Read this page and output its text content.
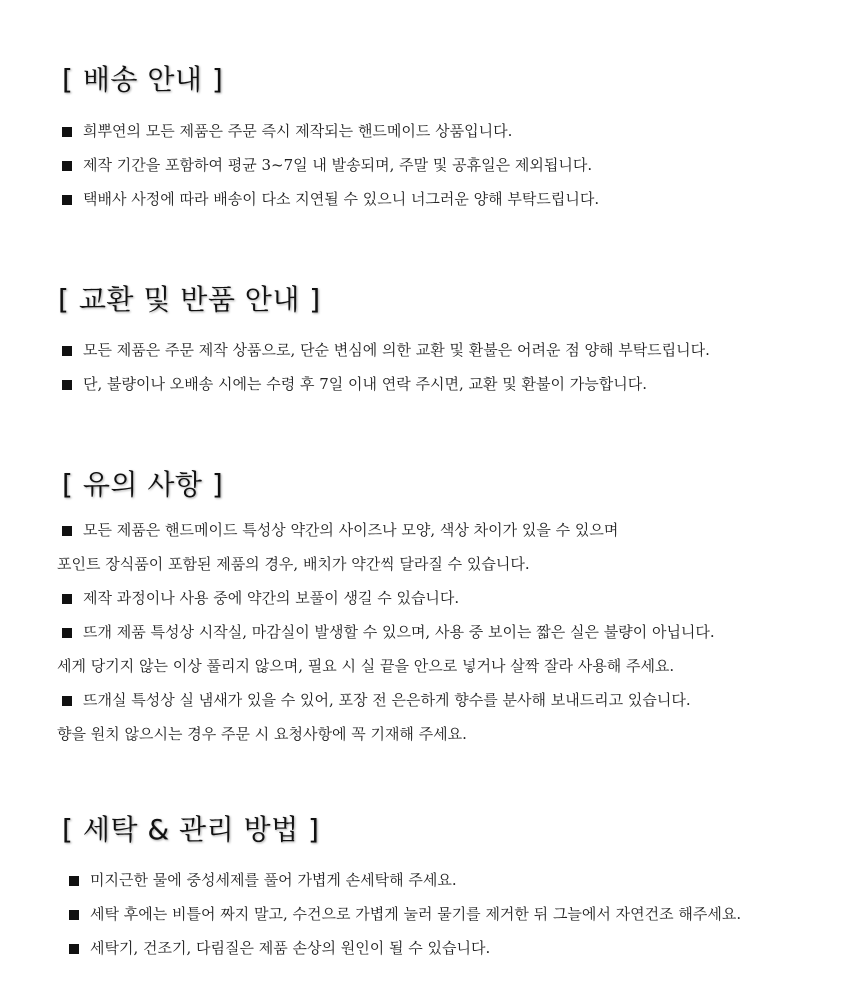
[ 배송 안내 ]
희뿌연의 모든 제품은 주문 즉시 제작되는 핸드메이드 상품입니다.
제작 기간을 포함하여 평균 3~7일 내 발송되며, 주말 및 공휴일은 제외됩니다.
택배사 사정에 따라 배송이 다소 지연될 수 있으니 너그러운 양해 부탁드립니다.
[ 교환 및 반품 안내 ]
모든 제품은 주문 제작 상품으로, 단순 변심에 의한 교환 및 환불은 어려운 점 양해 부탁드립니다.
단, 불량이나 오배송 시에는 수령 후 7일 이내 연락 주시면, 교환 및 환불이 가능합니다.
[ 유의 사항 ]
모든 제품은 핸드메이드 특성상 약간의 사이즈나 모양, 색상 차이가 있을 수 있으며
포인트 장식품이 포함된 제품의 경우, 배치가 약간씩 달라질 수 있습니다.
제작 과정이나 사용 중에 약간의 보풀이 생길 수 있습니다.
뜨개 제품 특성상 시작실, 마감실이 발생할 수 있으며, 사용 중 보이는 짧은 실은 불량이 아닙니다.
세게 당기지 않는 이상 풀리지 않으며, 필요 시 실 끝을 안으로 넣거나 살짝 잘라 사용해 주세요.
뜨개실 특성상 실 냄새가 있을 수 있어, 포장 전 은은하게 향수를 분사해 보내드리고 있습니다.
향을 원치 않으시는 경우 주문 시 요청사항에 꼭 기재해 주세요.
[ 세탁 & 관리 방법 ]
미지근한 물에 중성세제를 풀어 가볍게 손세탁해 주세요.
세탁 후에는 비틀어 짜지 말고, 수건으로 가볍게 눌러 물기를 제거한 뒤 그늘에서 자연건조 해주세요.
세탁기, 건조기, 다림질은 제품 손상의 원인이 될 수 있습니다.
